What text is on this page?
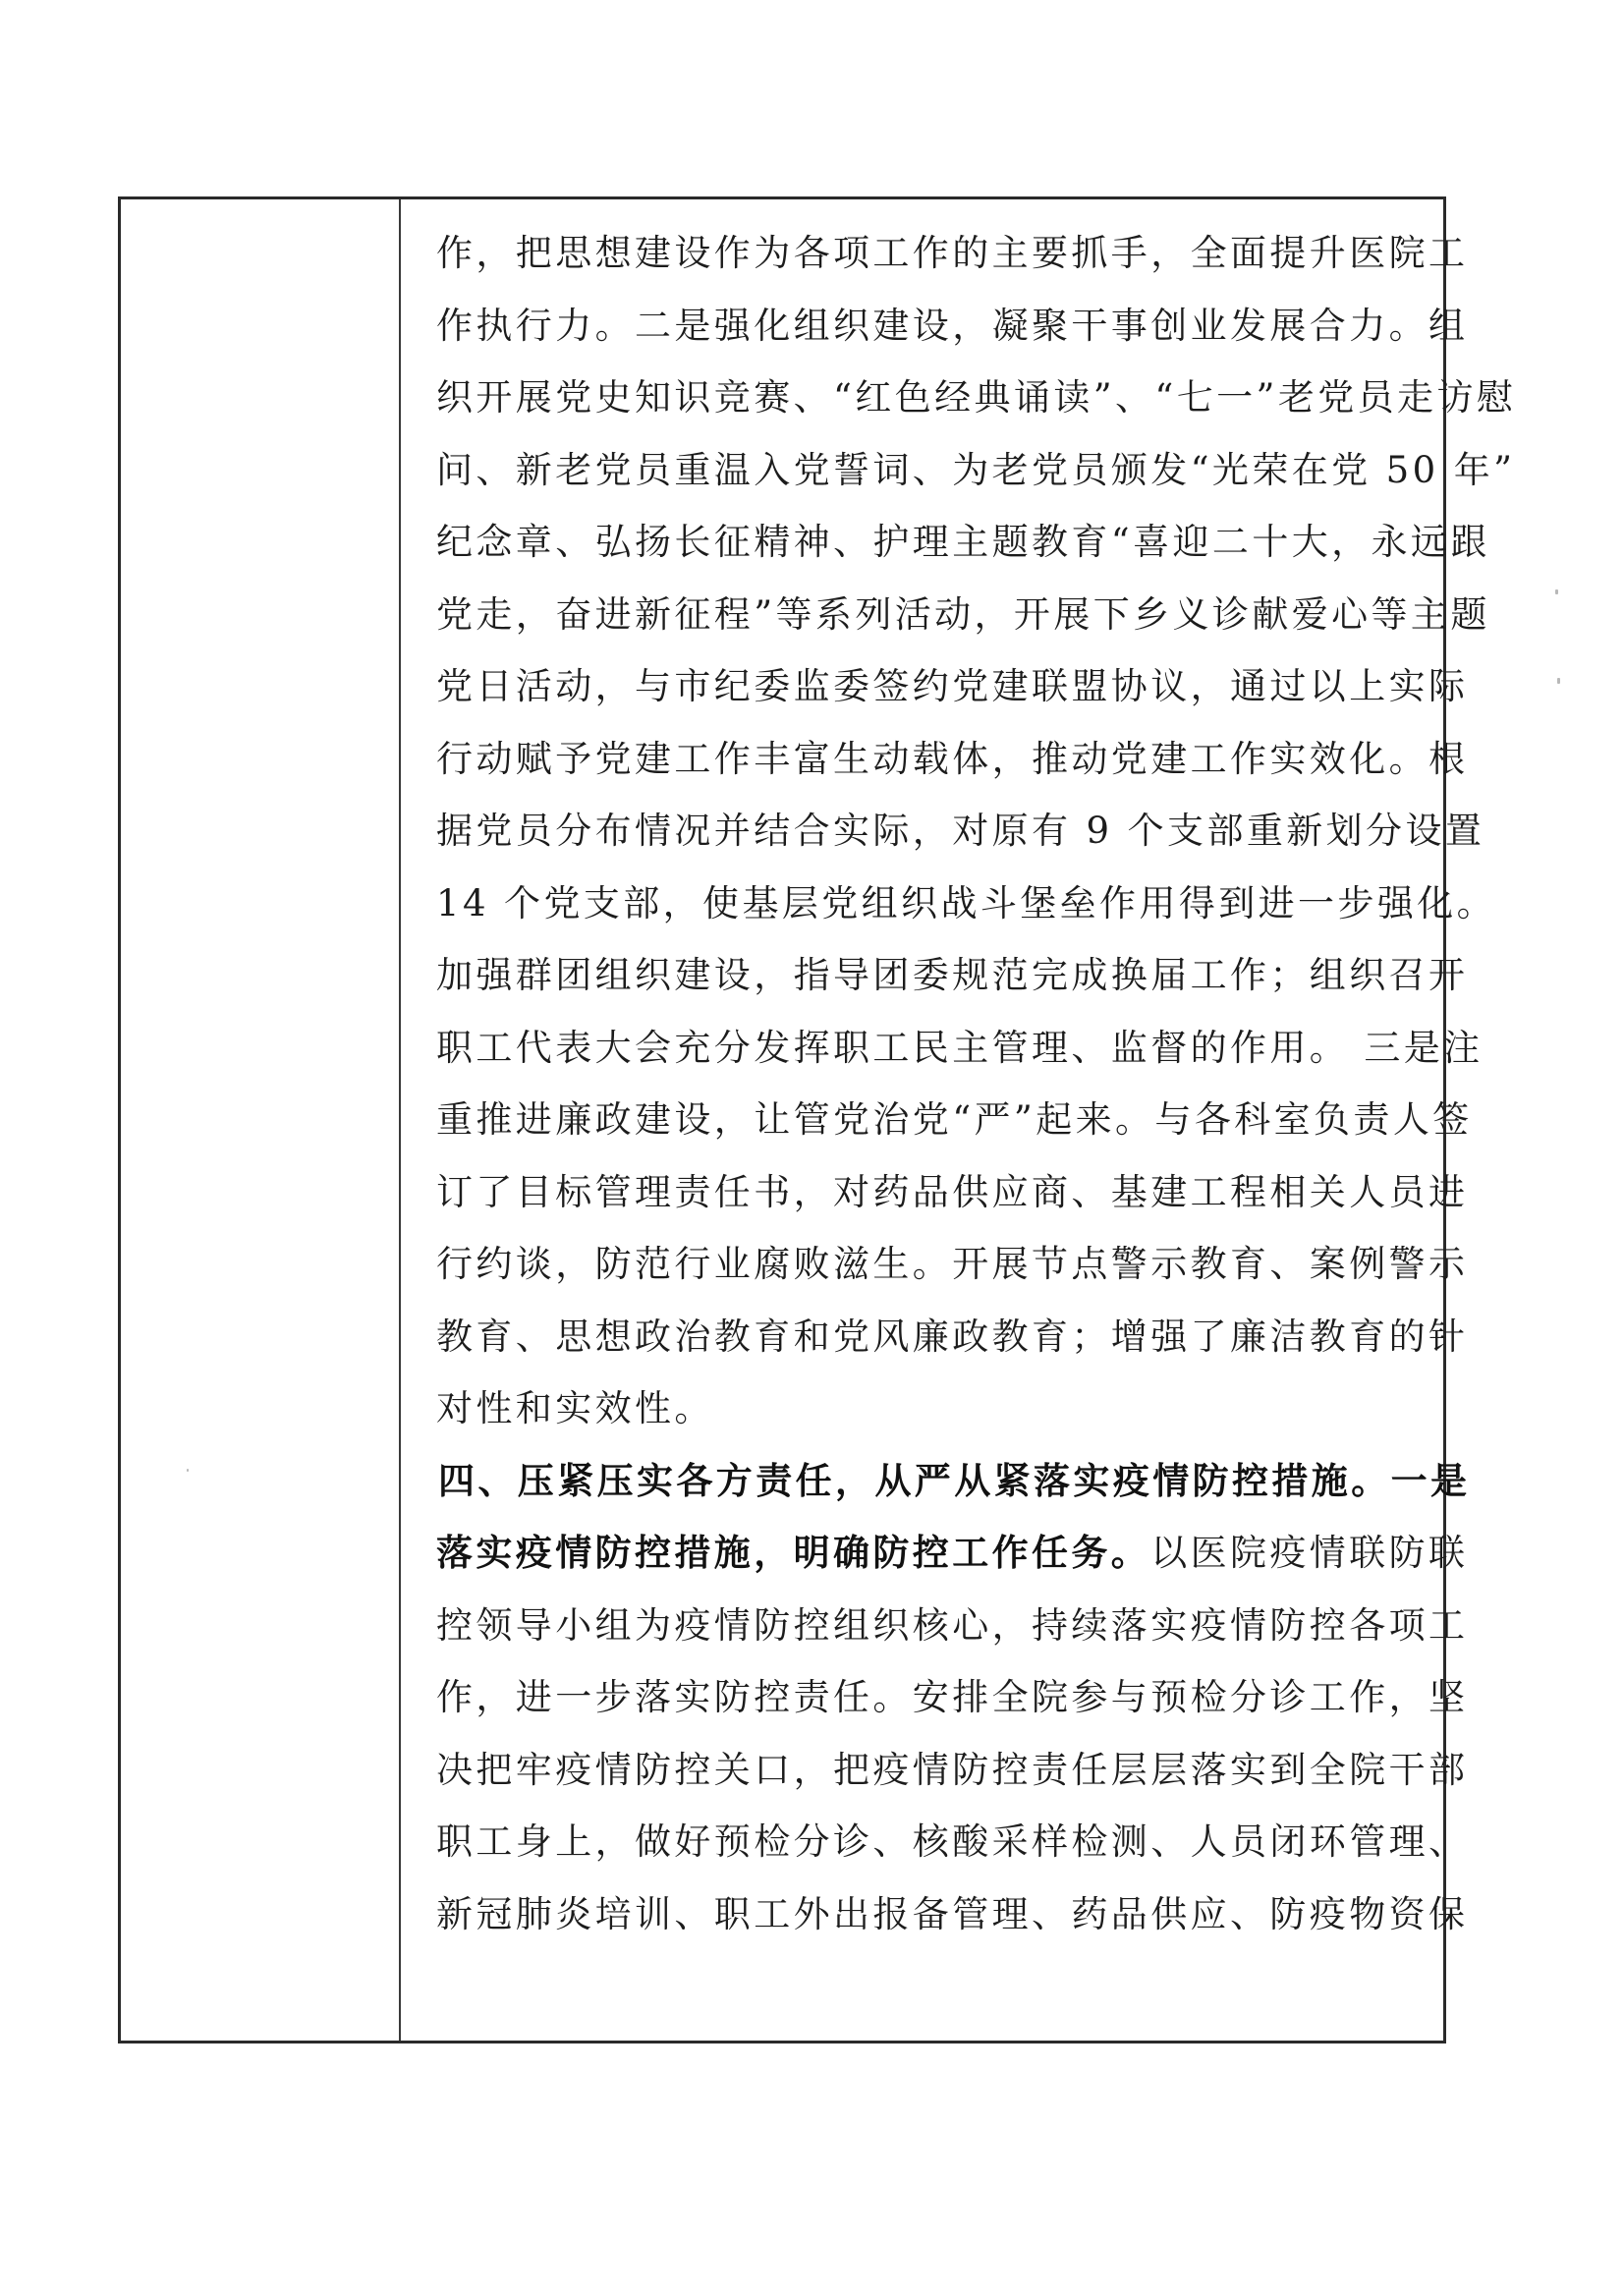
作，把思想建设作为各项工作的主要抓手，全面提升医院工
作执行力。二是强化组织建设，凝聚干事创业发展合力。组
织开展党史知识竞赛、“红色经典诵读”、“七一”老党员走访慰
问、新老党员重温入党誓词、为老党员颁发“光荣在党 50 年”
纪念章、弘扬长征精神、护理主题教育“喜迎二十大，永远跟
党走，奋进新征程”等系列活动，开展下乡义诊献爱心等主题
党日活动，与市纪委监委签约党建联盟协议，通过以上实际
行动赋予党建工作丰富生动载体，推动党建工作实效化。根
据党员分布情况并结合实际，对原有 9 个支部重新划分设置
14 个党支部，使基层党组织战斗堡垒作用得到进一步强化。
加强群团组织建设，指导团委规范完成换届工作；组织召开
职工代表大会充分发挥职工民主管理、监督的作用。 三是注
重推进廉政建设，让管党治党“严”起来。与各科室负责人签
订了目标管理责任书，对药品供应商、基建工程相关人员进
行约谈，防范行业腐败滋生。开展节点警示教育、案例警示
教育、思想政治教育和党风廉政教育；增强了廉洁教育的针
对性和实效性。
四、压紧压实各方责任，从严从紧落实疫情防控措施。一是
落实疫情防控措施，明确防控工作任务。以医院疫情联防联
控领导小组为疫情防控组织核心，持续落实疫情防控各项工
作，进一步落实防控责任。安排全院参与预检分诊工作，坚
决把牢疫情防控关口，把疫情防控责任层层落实到全院干部
职工身上，做好预检分诊、核酸采样检测、人员闭环管理、
新冠肺炎培训、职工外出报备管理、药品供应、防疫物资保
